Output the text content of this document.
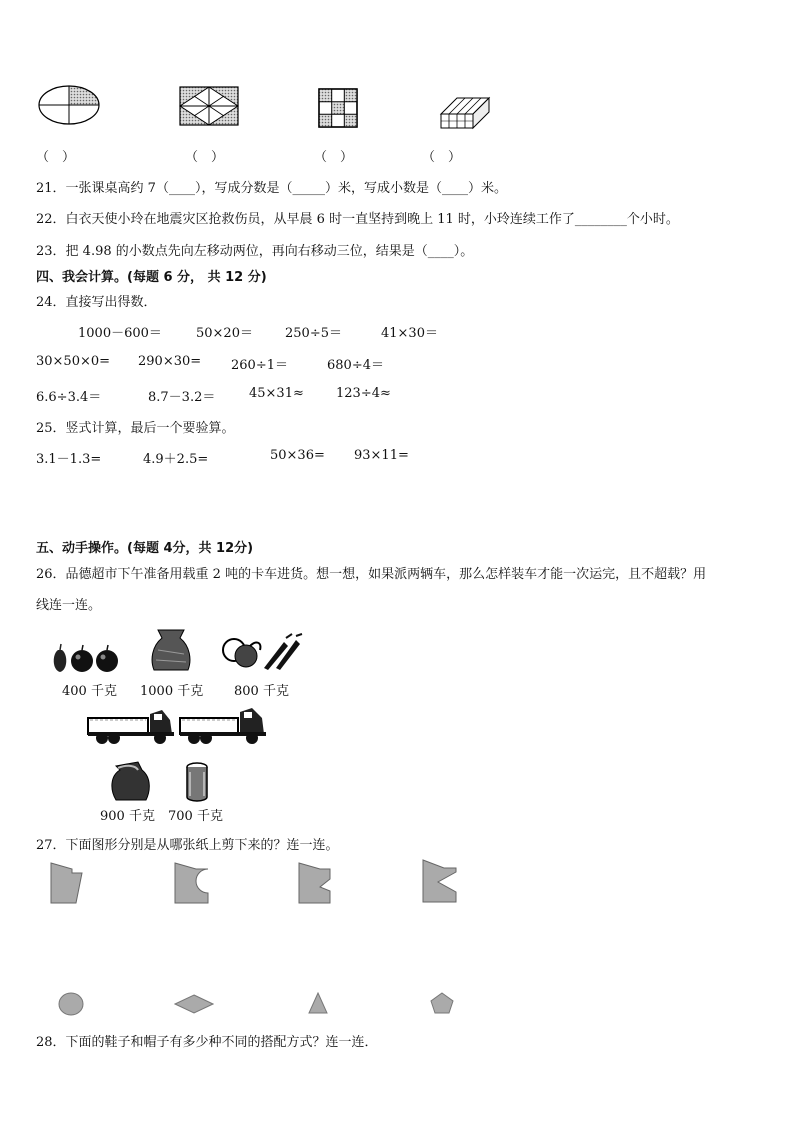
（　）	（　）	（　）	（　）
21．一张课桌高约 7（____），写成分数是（_____）米，写成小数是（____）米。
22．白衣天使小玲在地震灾区抢救伤员，从早晨 6 时一直坚持到晚上 11 时，小玲连续工作了________个小时。
23．把 4.98 的小数点先向左移动两位，再向右移动三位，结果是（____）。
四、我会计算。(每题 6 分， 共 12 分)
24．直接写出得数．
1000－600＝	50×20＝ 250÷5＝	41×30＝
30×50×0= 290×30= 260÷1＝	680÷4＝
6.6÷3.4＝	8.7－3.2＝	45×31≈ 123÷4≈
25．竖式计算，最后一个要验算。
3.1－1.3=	4.9＋2.5=	50×36= 93×11=
五、动手操作。(每题 4分，共 12分)
26．品德超市下午准备用载重 2 吨的卡车进货。想一想，如果派两辆车，那么怎样装车才能一次运完，且不超载？用
线连一连。
400 千克 1000 千克 800 千克
900 千克 700 千克
27．下面图形分别是从哪张纸上剪下来的？连一连。
28．下面的鞋子和帽子有多少种不同的搭配方式？连一连．
